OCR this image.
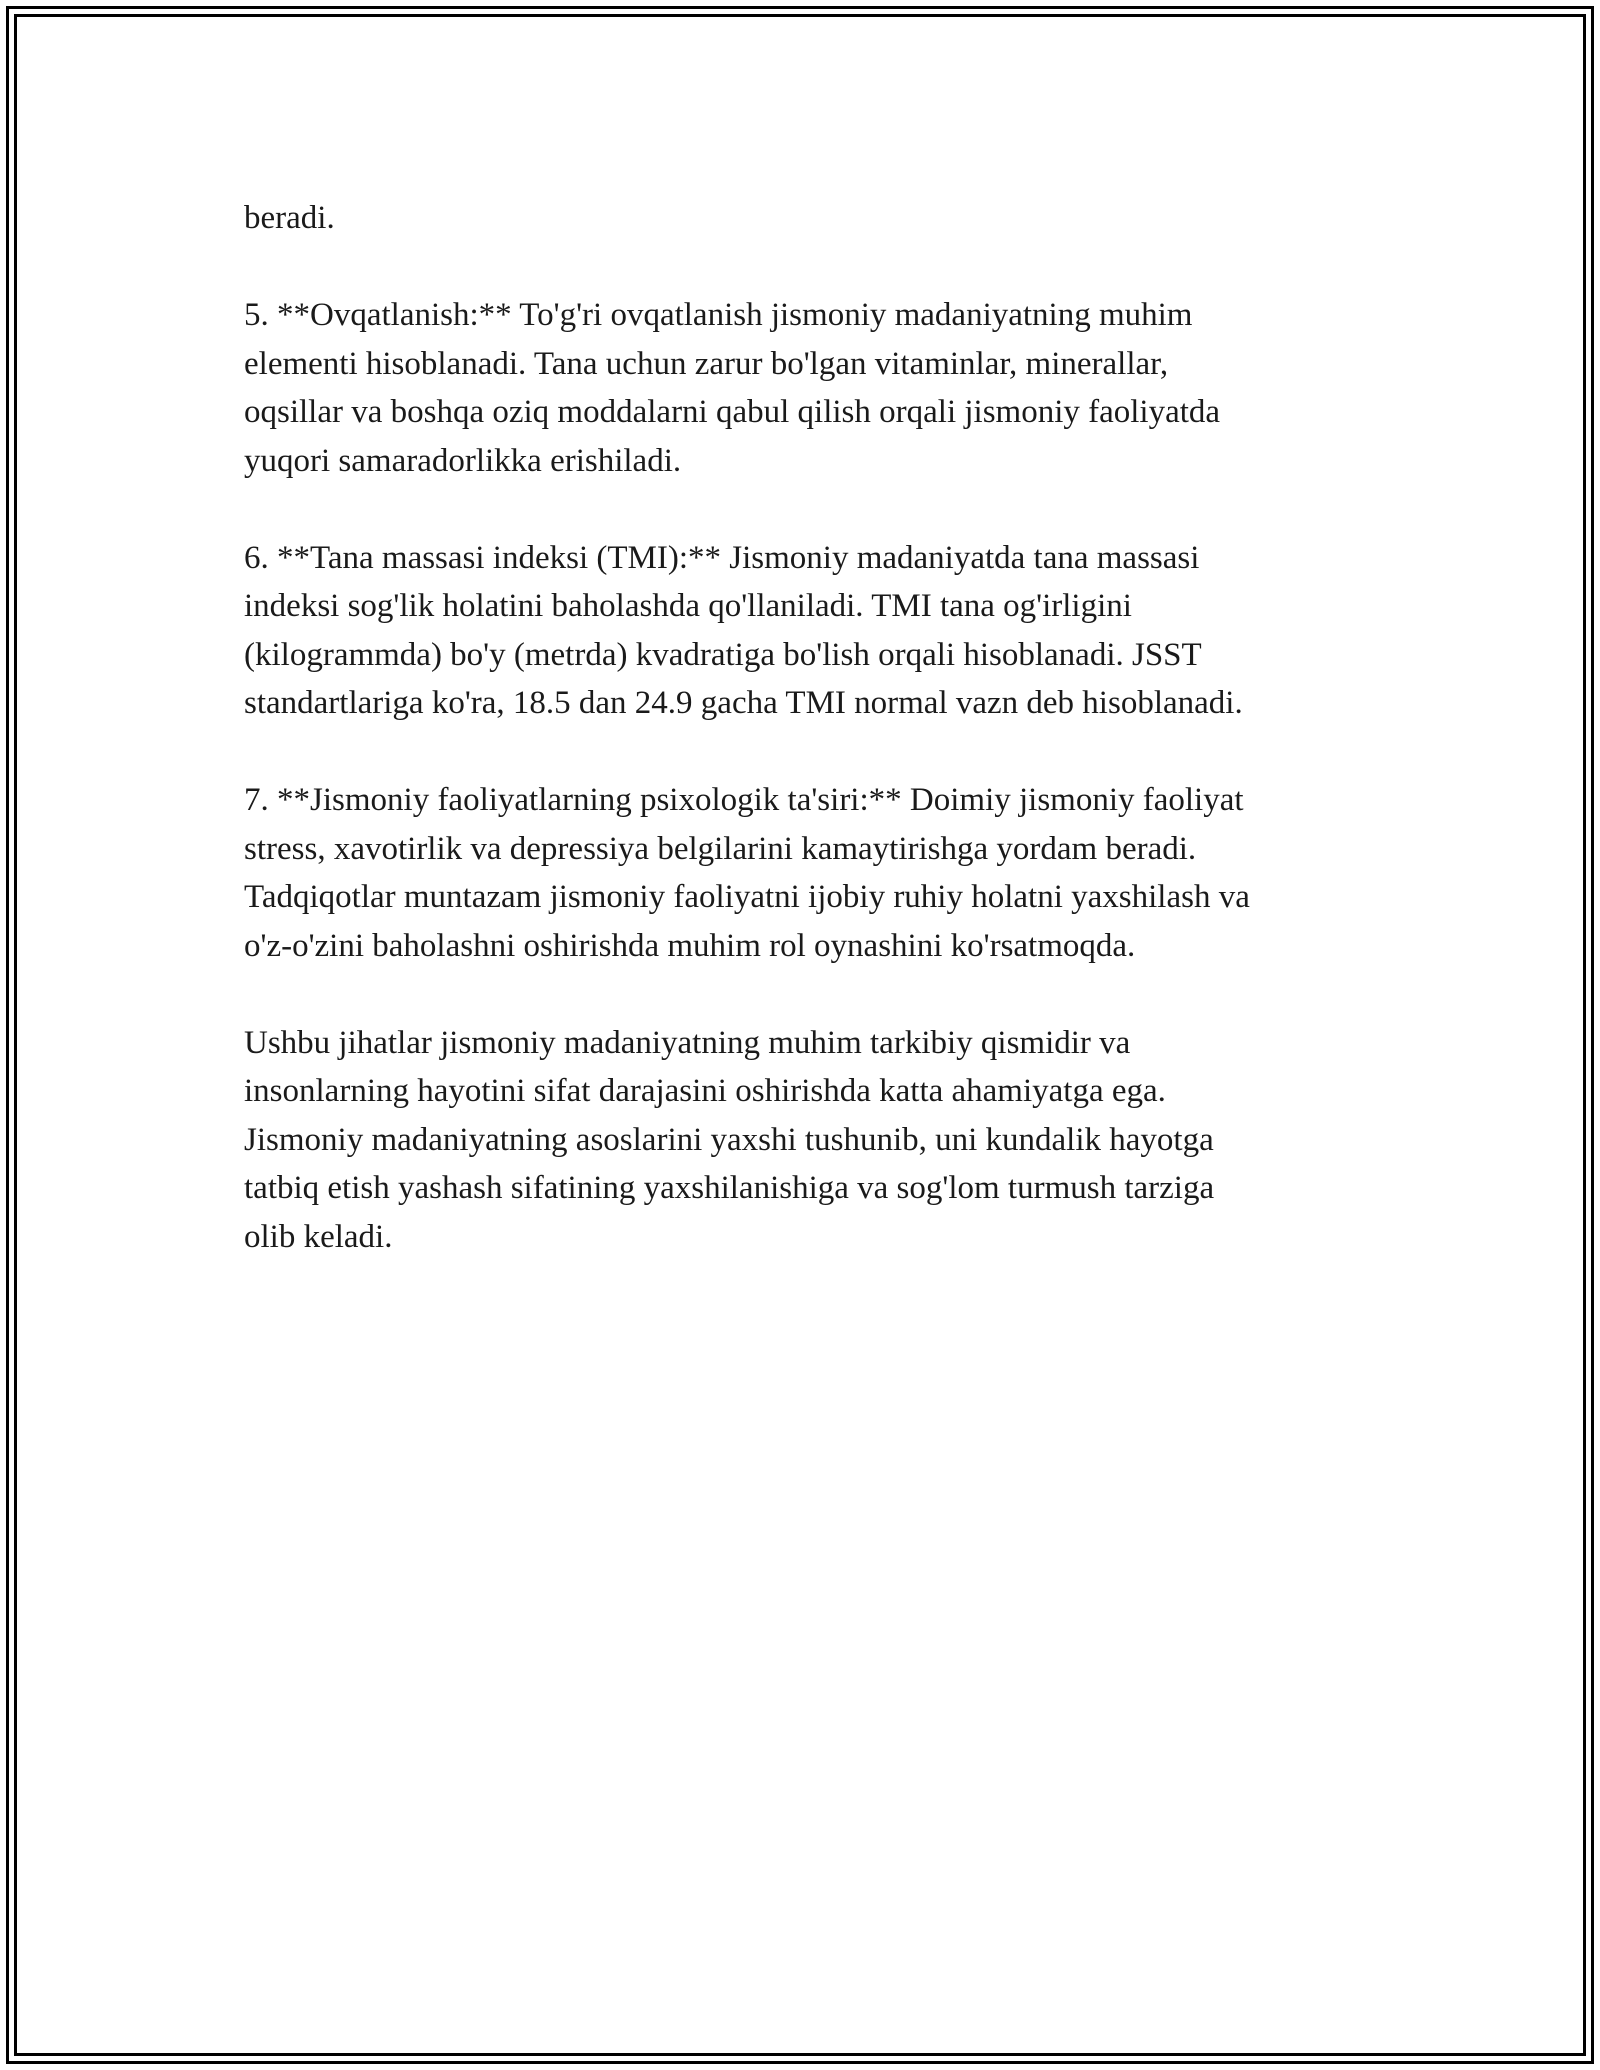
beradi.

5. **Ovqatlanish:** To'g'ri ovqatlanish jismoniy madaniyatning muhim
elementi hisoblanadi. Tana uchun zarur bo'lgan vitaminlar, minerallar,
oqsillar va boshqa oziq moddalarni qabul qilish orqali jismoniy faoliyatda
yuqori samaradorlikka erishiladi.

6. **Tana massasi indeksi (TMI):** Jismoniy madaniyatda tana massasi
indeksi sog'lik holatini baholashda qo'llaniladi. TMI tana og'irligini
(kilogrammda) bo'y (metrda) kvadratiga bo'lish orqali hisoblanadi. JSST
standartlariga ko'ra, 18.5 dan 24.9 gacha TMI normal vazn deb hisoblanadi.

7. **Jismoniy faoliyatlarning psixologik ta'siri:** Doimiy jismoniy faoliyat
stress, xavotirlik va depressiya belgilarini kamaytirishga yordam beradi.
Tadqiqotlar muntazam jismoniy faoliyatni ijobiy ruhiy holatni yaxshilash va
o'z-o'zini baholashni oshirishda muhim rol oynashini ko'rsatmoqda.

Ushbu jihatlar jismoniy madaniyatning muhim tarkibiy qismidir va
insonlarning hayotini sifat darajasini oshirishda katta ahamiyatga ega.
Jismoniy madaniyatning asoslarini yaxshi tushunib, uni kundalik hayotga
tatbiq etish yashash sifatining yaxshilanishiga va sog'lom turmush tarziga
olib keladi.
